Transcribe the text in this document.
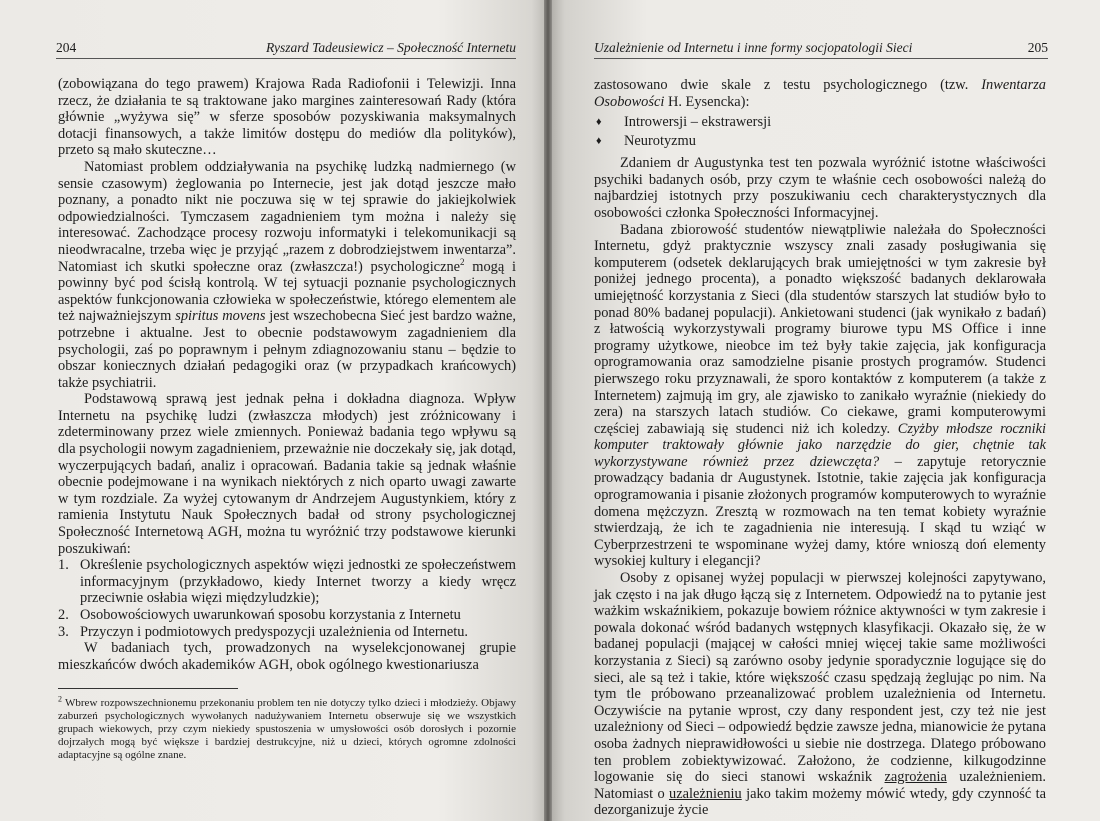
204	Ryszard Tadeusiewicz – Społeczność Internetu

(zobowiązana do tego prawem) Krajowa Rada Radiofonii i Telewizji. Inna rzecz, że działania te są traktowane jako margines zainteresowań Rady (która głównie „wyżywa się” w sferze sposobów pozyskiwania maksymalnych dotacji finansowych, a także limitów dostępu do mediów dla polityków), przeto są mało skuteczne…

Natomiast problem oddziaływania na psychikę ludzką nadmiernego (w sensie czasowym) żeglowania po Internecie, jest jak dotąd jeszcze mało poznany, a ponadto nikt nie poczuwa się w tej sprawie do jakiejkolwiek odpowiedzialności. Tymczasem zagadnieniem tym można i należy się interesować. Zachodzące procesy rozwoju informatyki i telekomunikacji są nieodwracalne, trzeba więc je przyjąć „razem z dobrodziejstwem inwentarza”. Natomiast ich skutki społeczne oraz (zwłaszcza!) psychologiczne$^2$ mogą i powinny być pod ścisłą kontrolą. W tej sytuacji poznanie psychologicznych aspektów funkcjonowania człowieka w społeczeństwie, którego elementem ale też najważniejszym spiritus movens jest wszechobecna Sieć jest bardzo ważne, potrzebne i aktualne. Jest to obecnie podstawowym zagadnieniem dla psychologii, zaś po poprawnym i pełnym zdiagnozowaniu stanu – będzie to obszar koniecznych działań pedagogiki oraz (w przypadkach krańcowych) także psychiatrii.

Podstawową sprawą jest jednak pełna i dokładna diagnoza. Wpływ Internetu na psychikę ludzi (zwłaszcza młodych) jest zróżnicowany i zdeterminowany przez wiele zmiennych. Ponieważ badania tego wpływu są dla psychologii nowym zagadnieniem, przeważnie nie doczekały się, jak dotąd, wyczerpujących badań, analiz i opracowań. Badania takie są jednak właśnie obecnie podejmowane i na wynikach niektórych z nich oparto uwagi zawarte w tym rozdziale. Za wyżej cytowanym dr Andrzejem Augustynkiem, który z ramienia Instytutu Nauk Społecznych badał od strony psychologicznej Społeczność Internetową AGH, można tu wyróżnić trzy podstawowe kierunki poszukiwań:

1. Określenie psychologicznych aspektów więzi jednostki ze społeczeństwem informacyjnym (przykładowo, kiedy Internet tworzy a kiedy wręcz przeciwnie osłabia więzi międzyludzkie);
2. Osobowościowych uwarunkowań sposobu korzystania z Internetu
3. Przyczyn i podmiotowych predyspozycji uzależnienia od Internetu.

W badaniach tych, prowadzonych na wyselekcjonowanej grupie mieszkańców dwóch akademików AGH, obok ogólnego kwestionariusza

$^2$ Wbrew rozpowszechnionemu przekonaniu problem ten nie dotyczy tylko dzieci i młodzieży. Objawy zaburzeń psychologicznych wywołanych nadużywaniem Internetu obserwuje się we wszystkich grupach wiekowych, przy czym niekiedy spustoszenia w umysłowości osób dorosłych i pozornie dojrzałych mogą być większe i bardziej destrukcyjne, niż u dzieci, których ogromne zdolności adaptacyjne są ogólne znane.
Uzależnienie od Internetu i inne formy socjopatologii Sieci	205

zastosowano dwie skale z testu psychologicznego (tzw. Inwentarza Osobowości H. Eysencka):

♦ Introwersji – ekstrawersji
♦ Neurotyzmu

Zdaniem dr Augustynka test ten pozwala wyróżnić istotne właściwości psychiki badanych osób, przy czym te właśnie cech osobowości należą do najbardziej istotnych przy poszukiwaniu cech charakterystycznych dla osobowości członka Społeczności Informacyjnej.

Badana zbiorowość studentów niewątpliwie należała do Społeczności Internetu, gdyż praktycznie wszyscy znali zasady posługiwania się komputerem (odsetek deklarujących brak umiejętności w tym zakresie był poniżej jednego procenta), a ponadto większość badanych deklarowała umiejętność korzystania z Sieci (dla studentów starszych lat studiów było to ponad 80% badanej populacji). Ankietowani studenci (jak wynikało z badań) z łatwością wykorzystywali programy biurowe typu MS Office i inne programy użytkowe, nieobce im też były takie zajęcia, jak konfiguracja oprogramowania oraz samodzielne pisanie prostych programów. Studenci pierwszego roku przyznawali, że sporo kontaktów z komputerem (a także z Internetem) zajmują im gry, ale zjawisko to zanikało wyraźnie (niekiedy do zera) na starszych latach studiów. Co ciekawe, grami komputerowymi częściej zabawiają się studenci niż ich koledzy. Czyżby młodsze roczniki komputer traktowały głównie jako narzędzie do gier, chętnie tak wykorzystywane również przez dziewczęta? – zapytuje retorycznie prowadzący badania dr Augustynek. Istotnie, takie zajęcia jak konfiguracja oprogramowania i pisanie złożonych programów komputerowych to wyraźnie domena mężczyzn. Zresztą w rozmowach na ten temat kobiety wyraźnie stwierdzają, że ich te zagadnienia nie interesują. I skąd tu wziąć w Cyberprzestrzeni te wspominane wyżej damy, które wnioszą doń elementy wysokiej kultury i elegancji?

Osoby z opisanej wyżej populacji w pierwszej kolejności zapytywano, jak często i na jak długo łączą się z Internetem. Odpowiedź na to pytanie jest ważkim wskaźnikiem, pokazuje bowiem różnice aktywności w tym zakresie i powala dokonać wśród badanych wstępnych klasyfikacji. Okazało się, że w badanej populacji (mającej w całości mniej więcej takie same możliwości korzystania z Sieci) są zarówno osoby jedynie sporadycznie logujące się do sieci, ale są też i takie, które większość czasu spędzają żeglując po nim. Na tym tle próbowano przeanalizować problem uzależnienia od Internetu. Oczywiście na pytanie wprost, czy dany respondent jest, czy też nie jest uzależniony od Sieci – odpowiedź będzie zawsze jedna, mianowicie że pytana osoba żadnych nieprawidłowości u siebie nie dostrzega. Dlatego próbowano ten problem zobiektywizować. Założono, że codzienne, kilkugodzinne logowanie się do sieci stanowi wskaźnik zagrożenia uzależnieniem. Natomiast o uzależnieniu jako takim możemy mówić wtedy, gdy czynność ta dezorganizuje życie
